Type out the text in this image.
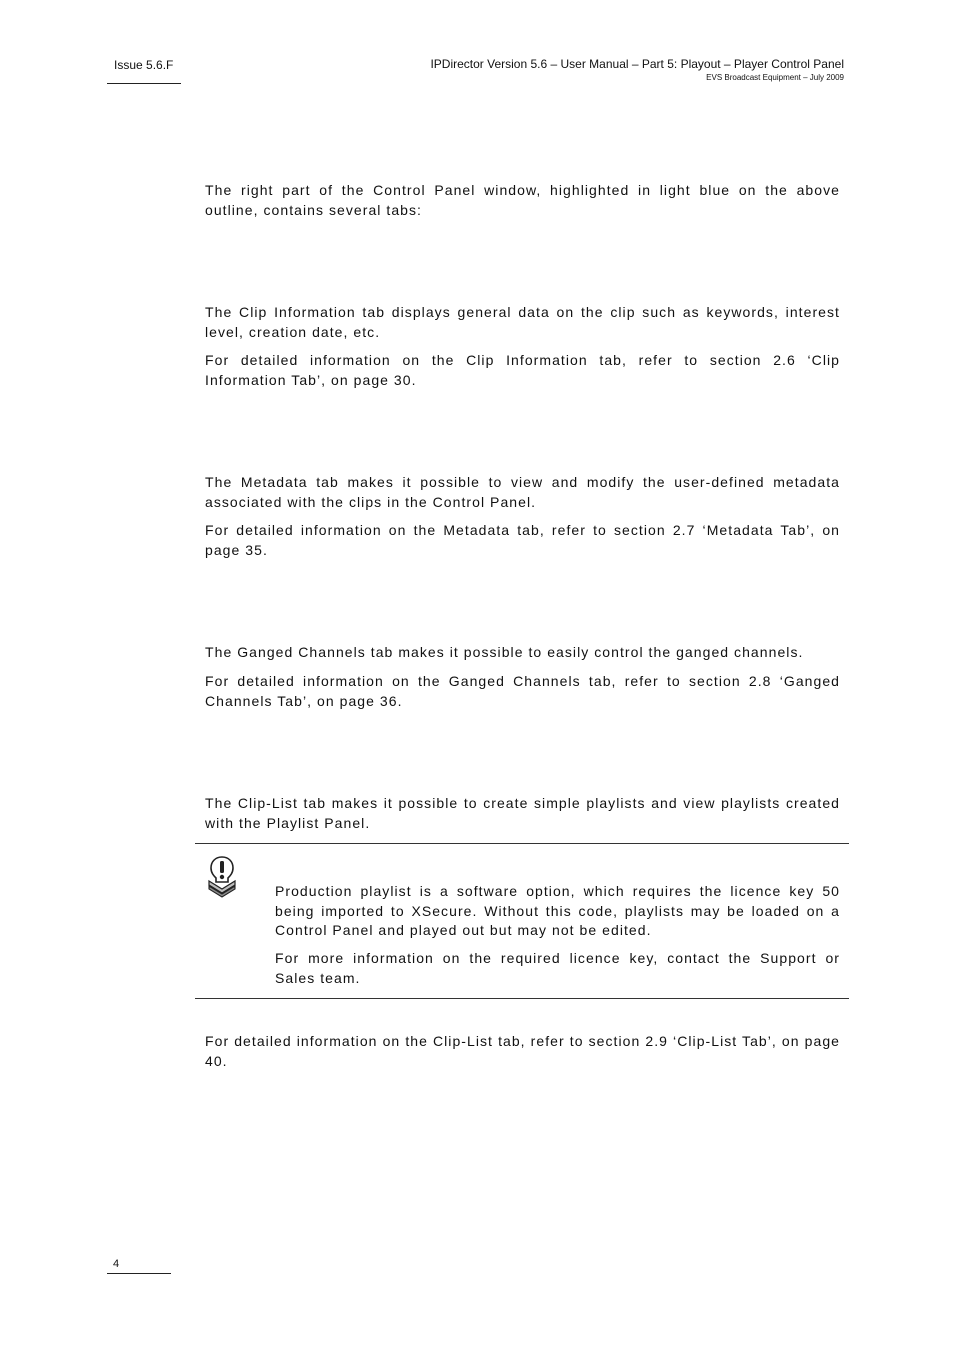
Issue 5.6.F	IPDirector Version 5.6 – User Manual – Part 5: Playout – Player Control Panel
EVS Broadcast Equipment – July 2009

The right part of the Control Panel window, highlighted in light blue on the above outline, contains several tabs:

The Clip Information tab displays general data on the clip such as keywords, interest level, creation date, etc.

For detailed information on the Clip Information tab, refer to section 2.6 ‘Clip Information Tab’, on page 30.

The Metadata tab makes it possible to view and modify the user-defined metadata associated with the clips in the Control Panel.

For detailed information on the Metadata tab, refer to section 2.7 ‘Metadata Tab’, on page 35.

The Ganged Channels tab makes it possible to easily control the ganged channels.

For detailed information on the Ganged Channels tab, refer to section 2.8 ‘Ganged Channels Tab’, on page 36.

The Clip-List tab makes it possible to create simple playlists and view playlists created with the Playlist Panel.

Production playlist is a software option, which requires the licence key 50 being imported to XSecure. Without this code, playlists may be loaded on a Control Panel and played out but may not be edited.

For more information on the required licence key, contact the Support or Sales team.

For detailed information on the Clip-List tab, refer to section 2.9 ‘Clip-List Tab’, on page 40.

4
